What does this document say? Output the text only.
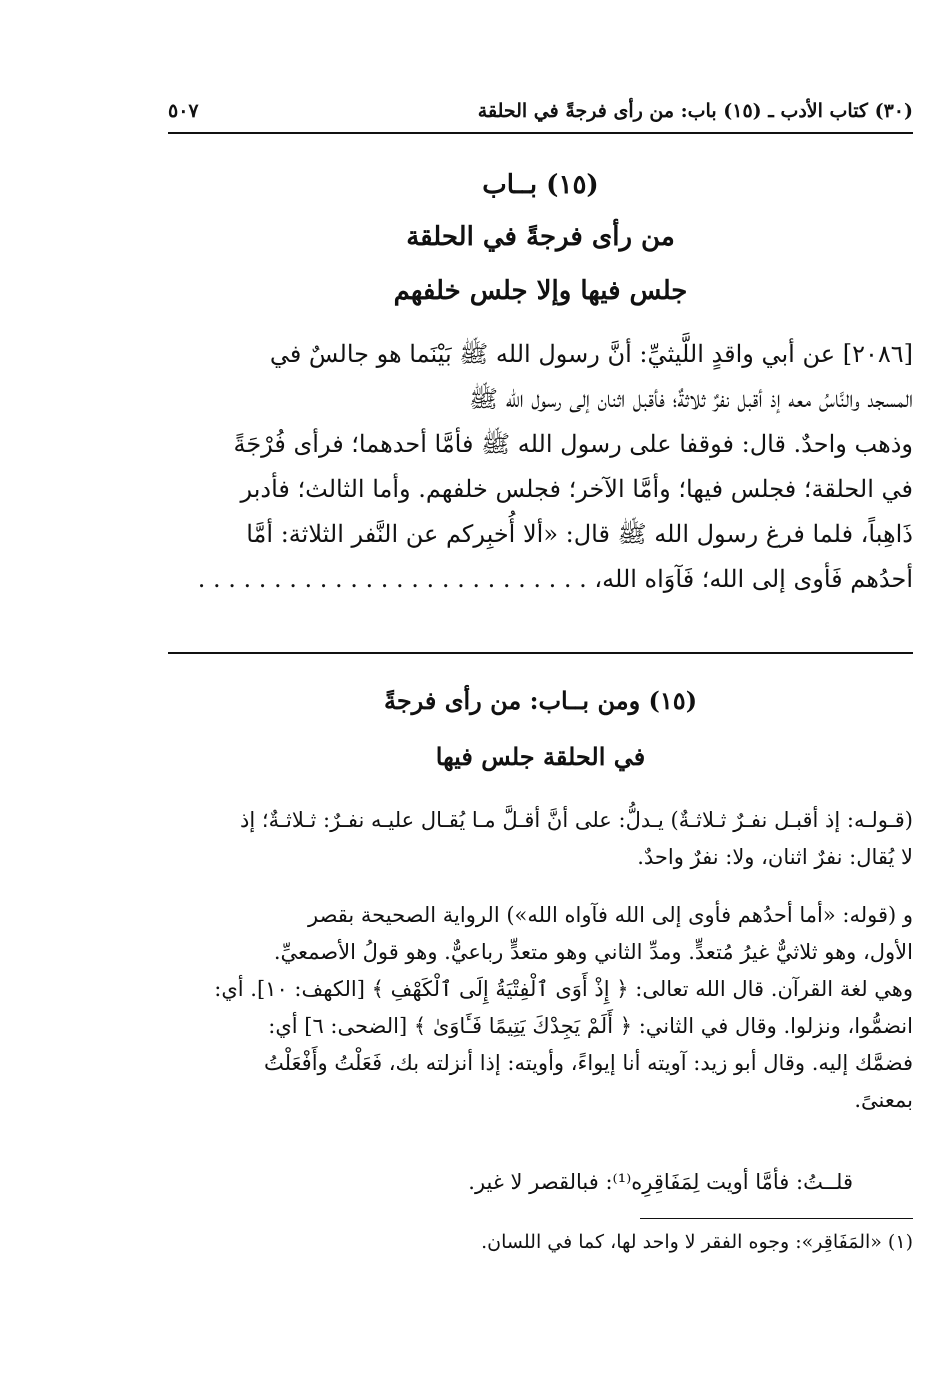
(٣٠) كتاب الأدب ـ (١٥) باب: من رأى فرجةً في الحلقة
٥٠٧
(١٥) بــاب
من رأى فرجةً في الحلقة
جلس فيها وإلا جلس خلفهم

[٢٠٨٦] عن أبي واقدٍ اللَّيثيِّ: أنَّ رسول الله ﷺ بَيْنَما هو جالسٌ في

المسجد والنَّاسُ معه إذ أقبل نفرٌ ثلاثةٌ؛ فأقبل اثنان إلى رسول الله ﷺ

وذهب واحدٌ. قال: فوقفا على رسول الله ﷺ فأمَّا أحدهما؛ فرأى فُرْجَةً

في الحلقة؛ فجلس فيها؛ وأمَّا الآخر؛ فجلس خلفهم. وأما الثالث؛ فأدبر

ذَاهِباً، فلما فرغ رسول الله ﷺ قال: «ألا أُخبِركم عن النَّفر الثلاثة: أمَّا

أحدُهم فَأوى إلى الله؛ فَآوَاه الله، . . . . . . . . . . . . . . . . . . . . . . . . . .

(١٥) ومن بــاب: من رأى فرجةً
في الحلقة جلس فيها

(قـولـه: إذ أقبـل نفـرٌ ثـلاثـةٌ) يـدلُّ: على أنَّ أقـلَّ مـا يُقـال عليـه نفـرٌ: ثـلاثـةٌ؛ إذ

لا يُقال: نفرٌ اثنان، ولا: نفرٌ واحدٌ.

و (قوله: «أما أحدُهم فأوى إلى الله فآواه الله») الرواية الصحيحة بقصر

الأول، وهو ثلاثيٌّ غيرُ مُتعدٍّ. ومدِّ الثاني وهو متعدٍّ رباعيٌّ. وهو قولُ الأصمعيِّ.

وهي لغة القرآن. قال الله تعالى: ﴿ إِذْ أَوَى ٱلْفِتْيَةُ إِلَى ٱلْكَهْفِ ﴾ [الكهف: ١٠]. أي:

انضمُّوا، ونزلوا. وقال في الثاني: ﴿ أَلَمْ يَجِدْكَ يَتِيمًا فَـَٔاوَىٰ ﴾ [الضحى: ٦] أي:

فضمَّك إليه. وقال أبو زيد: آويته أنا إيواءً، وأويته: إذا أنزلته بك، فَعَلْتُ وأَفْعَلْتُ

بمعنىً.

قلــتُ: فأمَّا أويت لِمَفَاقِرِه⁽¹⁾: فبالقصر لا غير.
(١) «المَفَاقِر»: وجوه الفقر لا واحد لها، كما في اللسان.
